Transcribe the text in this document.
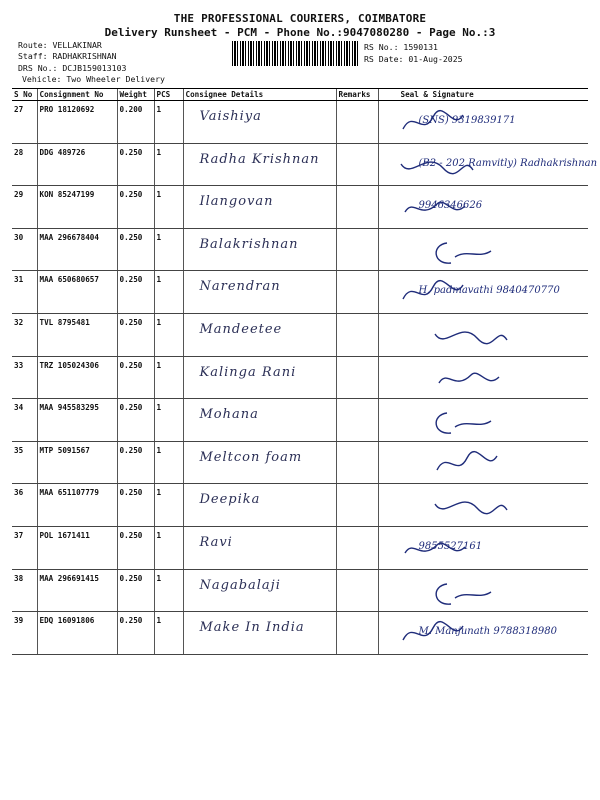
THE PROFESSIONAL COURIERS, COIMBATORE
Delivery Runsheet - PCM - Phone No.:9047080280 - Page No.:3
Route: VELLAKINAR
Staff: RADHAKRISHNAN
DRS No.: DCJB159013103
Vehicle: Two Wheeler Delivery
RS No.: 1590131
RS Date: 01-Aug-2025
S No	Consignment No	Weight	PCS	Consignee Details	Remarks	Seal & Signature
27	PRO 18120692	0.200	1	Vaishiya		(SNS) 9319839171

28	DDG 489726	0.250	1	Radha Krishnan		(B2 - 202 Ramvitly) Radhakrishnan

29	KON 85247199	0.250	1	Ilangovan		9946346626

30	MAA 296678404	0.250	1	Balakrishnan

31	MAA 650680657	0.250	1	Narendran		H. padmavathi 9840470770

32	TVL 8795481	0.250	1	Mandeetee

33	TRZ 105024306	0.250	1	Kalinga Rani

34	MAA 945583295	0.250	1	Mohana

35	MTP 5091567	0.250	1	Meltcon foam

36	MAA 651107779	0.250	1	Deepika

37	POL 1671411	0.250	1	Ravi		9855527161

38	MAA 296691415	0.250	1	Nagabalaji

39	EDQ 16091806	0.250	1	Make In India		M. Manjunath 9788318980
